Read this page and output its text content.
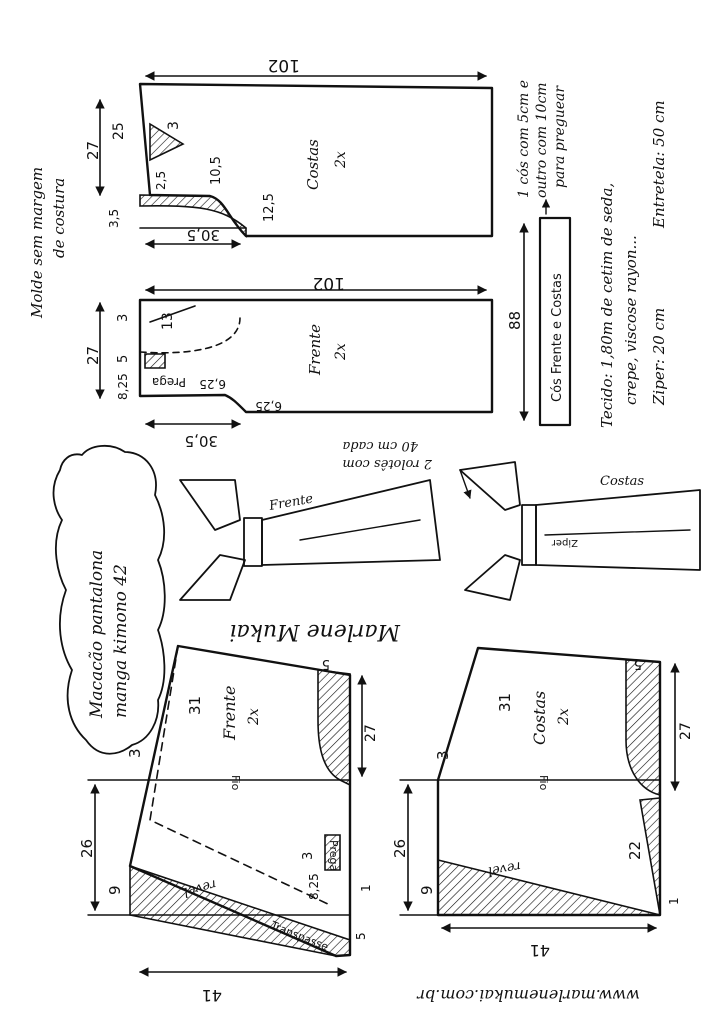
Molde sem margem de costura
Costas 2x
102
27
25	3
2,5	10,5
12,5
3,5
30,5
Frente 2x
102
27
3 13
5
Prega
8,25	6,25
6,25
30,5
1 cós com 5cm e outro com 10cm para preguear
Cós Frente e Costas
88	Tecido: 1,80m de cetim de seda, crepe, viscose rayon... Ziper: 20 cm
Entretela: 50 cm
Macacão pantalona manga kimono 42
Frente
Costas
Ziper
2 rolotês com
40 cm cada
Marlene Mukai
Frente 2x
31
3
26
9
5
27
Fio
revel
Prega
3
8,25
Transpasse
1
5
41
Costas 2x
31
3
26
9
5
27
Fio
revel
22
1
41
www.marlenemukai.com.br
